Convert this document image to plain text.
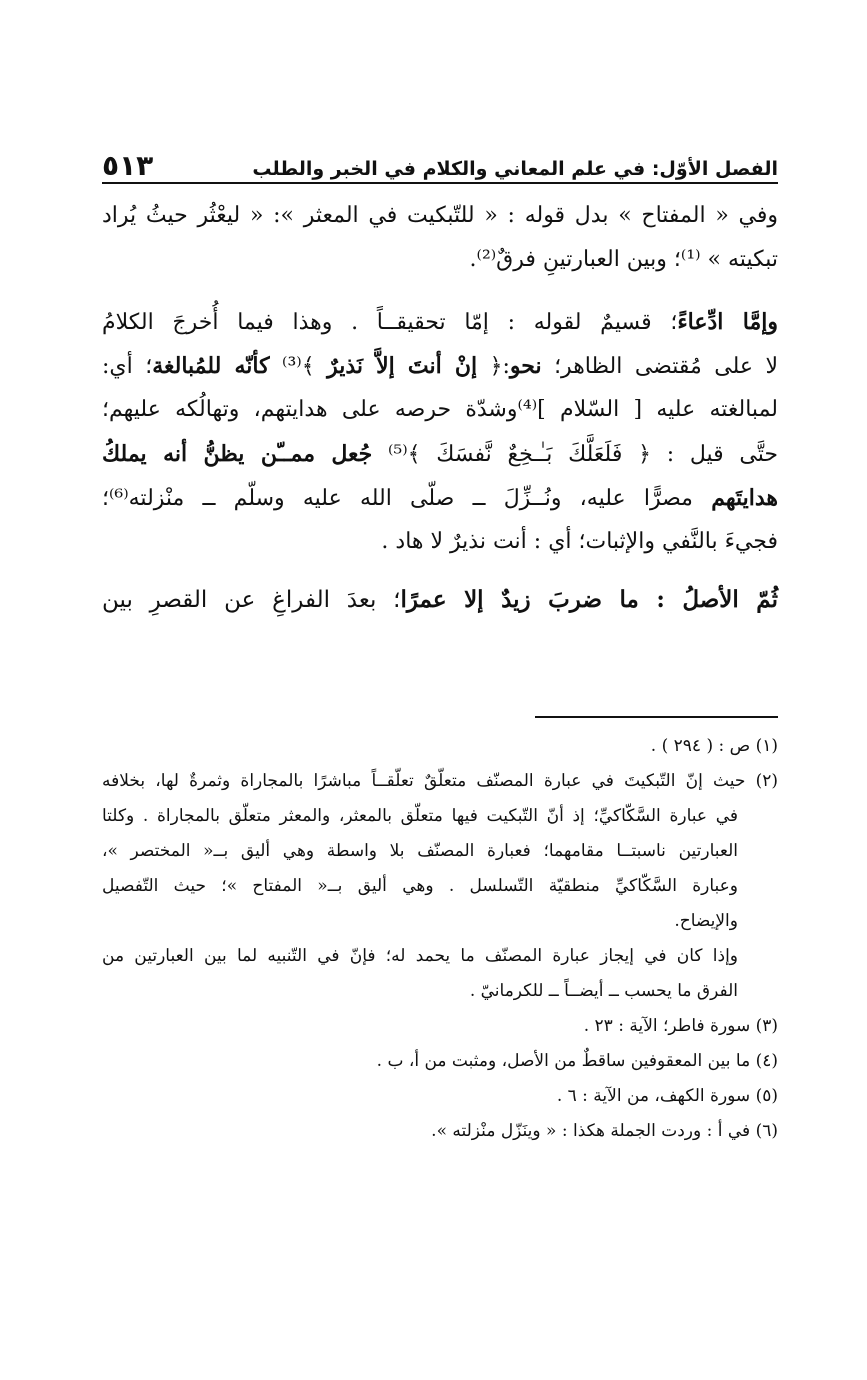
الفصل الأوّل: في علم المعاني والكلام في الخبر والطلب
٥١٣
وفي « المفتاح » بدل قوله : « للتّبكيت في المعثر »: « ليعْثُر حيثُ يُراد
تبكيته » ⁽¹⁾؛ وبين العبارتينِ فرقٌ⁽²⁾.
وإمَّا ادِّعاءً؛ قسيمٌ لقوله : إمّا تحقيقــاً . وهذا فيما أُخرجَ الكلامُ
لا على مُقتضى الظاهر؛ نحو:﴿ إنْ أنتَ إلاَّ نَذيرٌ ﴾⁽³⁾ كأنّه للمُبالغة؛ أي:
لمبالغته عليه [ السّلام ]⁽⁴⁾وشدّة حرصه على هدايتهم، وتهالُكه عليهم؛
حتَّى قيل : ﴿ فَلَعَلَّكَ بَـٰـخِعٌ نَّفسَكَ ﴾⁽⁵⁾ جُعل ممــّن يظنُّ أنه يملكُ
هدايتَهم مصرًّا عليه، ونُــزِّلَ ــ صلّى الله عليه وسلّم ــ منْزلته⁽⁶⁾؛
فجيءَ بالنَّفي والإثبات؛ أي : أنت نذيرٌ لا هاد .
ثُمّ الأصلُ : ما ضربَ زيدٌ إلا عمرًا؛ بعدَ الفراغِ عن القصرِ بين
(١) ص : ( ٢٩٤ ) .
(٢) حيث إنّ التّبكيتَ في عبارة المصنّف متعلّقٌ تعلّقــاً مباشرًا بالمجاراة وثمرةٌ لها، بخلافه
في عبارة السَّكّاكيِّ؛ إذ أنّ التّبكيت فيها متعلّق بالمعثر، والمعثر متعلّق بالمجاراة . وكلتا
العبارتين ناسبتــا مقامهما؛ فعبارة المصنّف بلا واسطة وهي أليق بــ« المختصر »،
وعبارة السَّكّاكيِّ منطقيّة التّسلسل . وهي أليق بــ« المفتاح »؛ حيث التّفصيل
والإيضاح.
وإذا كان في إيجاز عبارة المصنّف ما يحمد له؛ فإنّ في التّنبيه لما بين العبارتين من
الفرق ما يحسب ــ أيضــاً ــ للكرمانيّ .
(٣) سورة فاطر؛ الآية : ٢٣ .
(٤) ما بين المعقوفين ساقطٌ من الأصل، ومثبت من أ، ب .
(٥) سورة الكهف، من الآية : ٦ .
(٦) في أ : وردت الجملة هكذا : « وينَزّل منْزلته ».
